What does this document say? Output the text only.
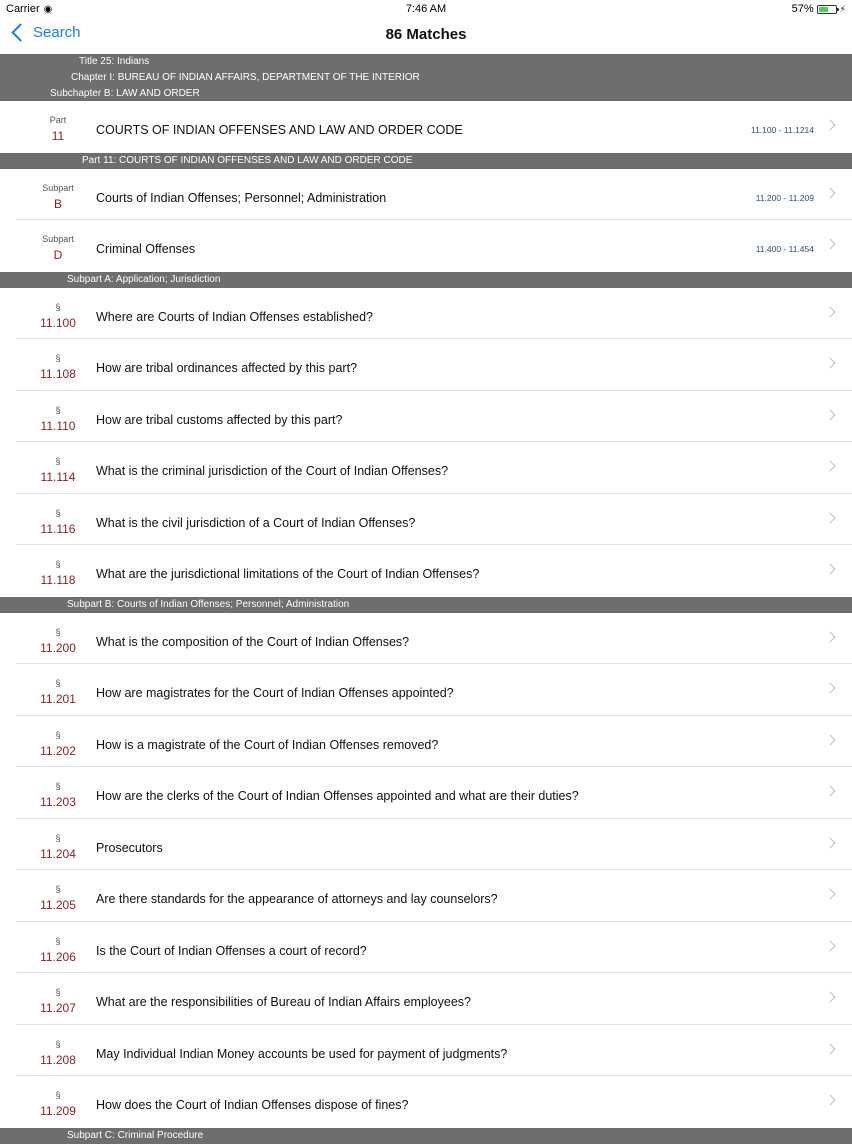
Carrier ◉	7:46 AM	57%	⚡
Search	86 Matches
Title 25: Indians
Chapter I: BUREAU OF INDIAN AFFAIRS, DEPARTMENT OF THE INTERIOR
Subchapter B: LAW AND ORDER
Part
11	COURTS OF INDIAN OFFENSES AND LAW AND ORDER CODE	11.100 - 11.1214
Part 11: COURTS OF INDIAN OFFENSES AND LAW AND ORDER CODE
Subpart
B	Courts of Indian Offenses; Personnel; Administration	11.200 - 11.209
Subpart
D	Criminal Offenses	11.400 - 11.454
Subpart A: Application; Jurisdiction
§
11.100	Where are Courts of Indian Offenses established?
§
11.108	How are tribal ordinances affected by this part?
§
11.110	How are tribal customs affected by this part?
§
11.114	What is the criminal jurisdiction of the Court of Indian Offenses?
§
11.116	What is the civil jurisdiction of a Court of Indian Offenses?
§
11.118	What are the jurisdictional limitations of the Court of Indian Offenses?
Subpart B: Courts of Indian Offenses; Personnel; Administration
§
11.200	What is the composition of the Court of Indian Offenses?
§
11.201	How are magistrates for the Court of Indian Offenses appointed?
§
11.202	How is a magistrate of the Court of Indian Offenses removed?
§
11.203	How are the clerks of the Court of Indian Offenses appointed and what are their duties?
§
11.204	Prosecutors
§
11.205	Are there standards for the appearance of attorneys and lay counselors?
§
11.206	Is the Court of Indian Offenses a court of record?
§
11.207	What are the responsibilities of Bureau of Indian Affairs employees?
§
11.208	May Individual Indian Money accounts be used for payment of judgments?
§
11.209	How does the Court of Indian Offenses dispose of fines?
Subpart C: Criminal Procedure
